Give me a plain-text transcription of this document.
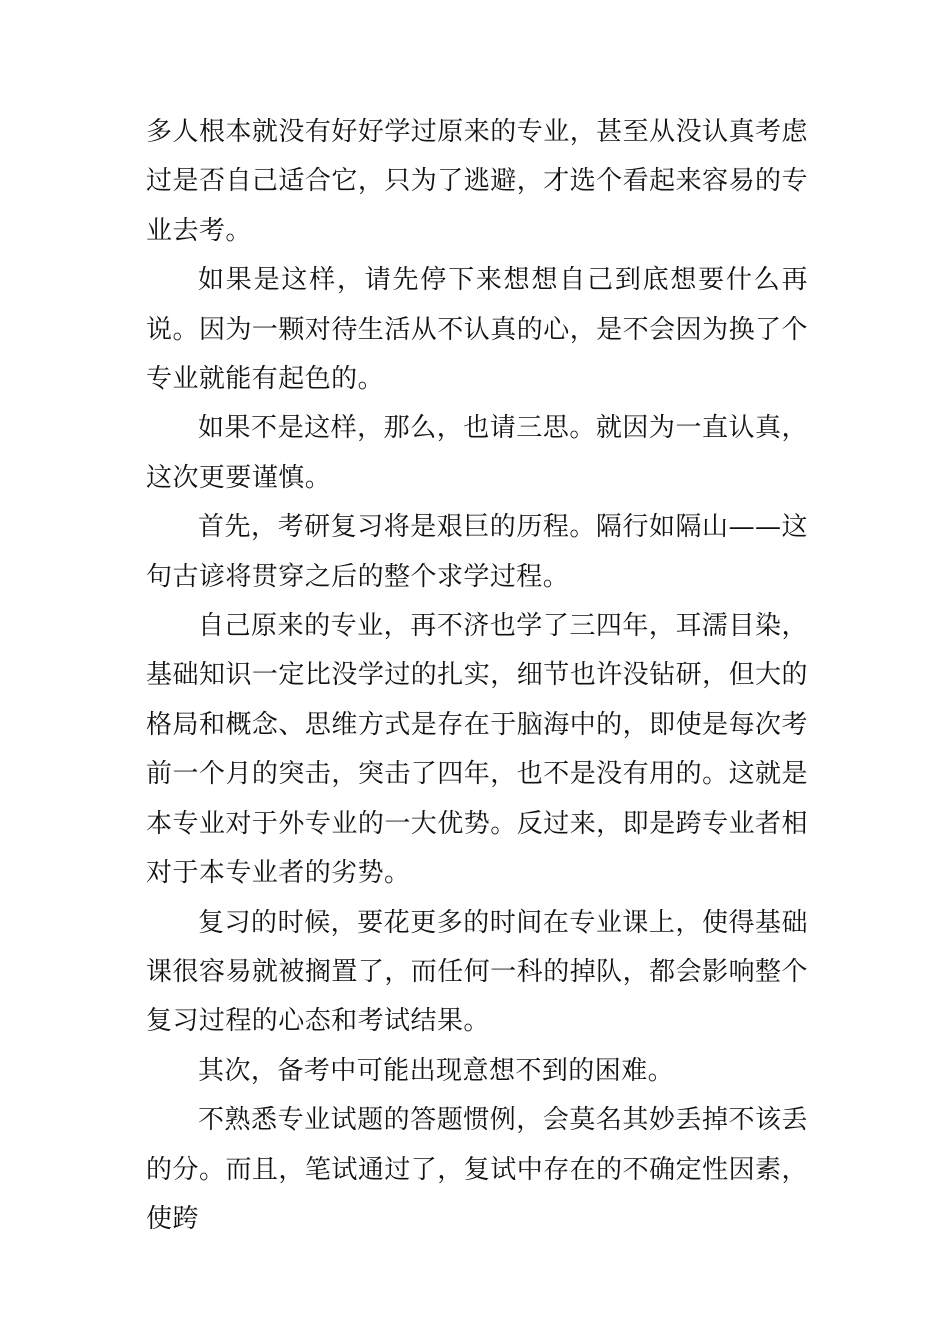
多人根本就没有好好学过原来的专业，甚至从没认真考虑过是否自己适合它，只为了逃避，才选个看起来容易的专业去考。

如果是这样，请先停下来想想自己到底想要什么再说。因为一颗对待生活从不认真的心，是不会因为换了个专业就能有起色的。

如果不是这样，那么，也请三思。就因为一直认真，这次更要谨慎。

首先，考研复习将是艰巨的历程。隔行如隔山——这句古谚将贯穿之后的整个求学过程。

自己原来的专业，再不济也学了三四年，耳濡目染，基础知识一定比没学过的扎实，细节也许没钻研，但大的格局和概念、思维方式是存在于脑海中的，即使是每次考前一个月的突击，突击了四年，也不是没有用的。这就是本专业对于外专业的一大优势。反过来，即是跨专业者相对于本专业者的劣势。

复习的时候，要花更多的时间在专业课上，使得基础课很容易就被搁置了，而任何一科的掉队，都会影响整个复习过程的心态和考试结果。

其次，备考中可能出现意想不到的困难。

不熟悉专业试题的答题惯例，会莫名其妙丢掉不该丢的分。而且，笔试通过了，复试中存在的不确定性因素，使跨
